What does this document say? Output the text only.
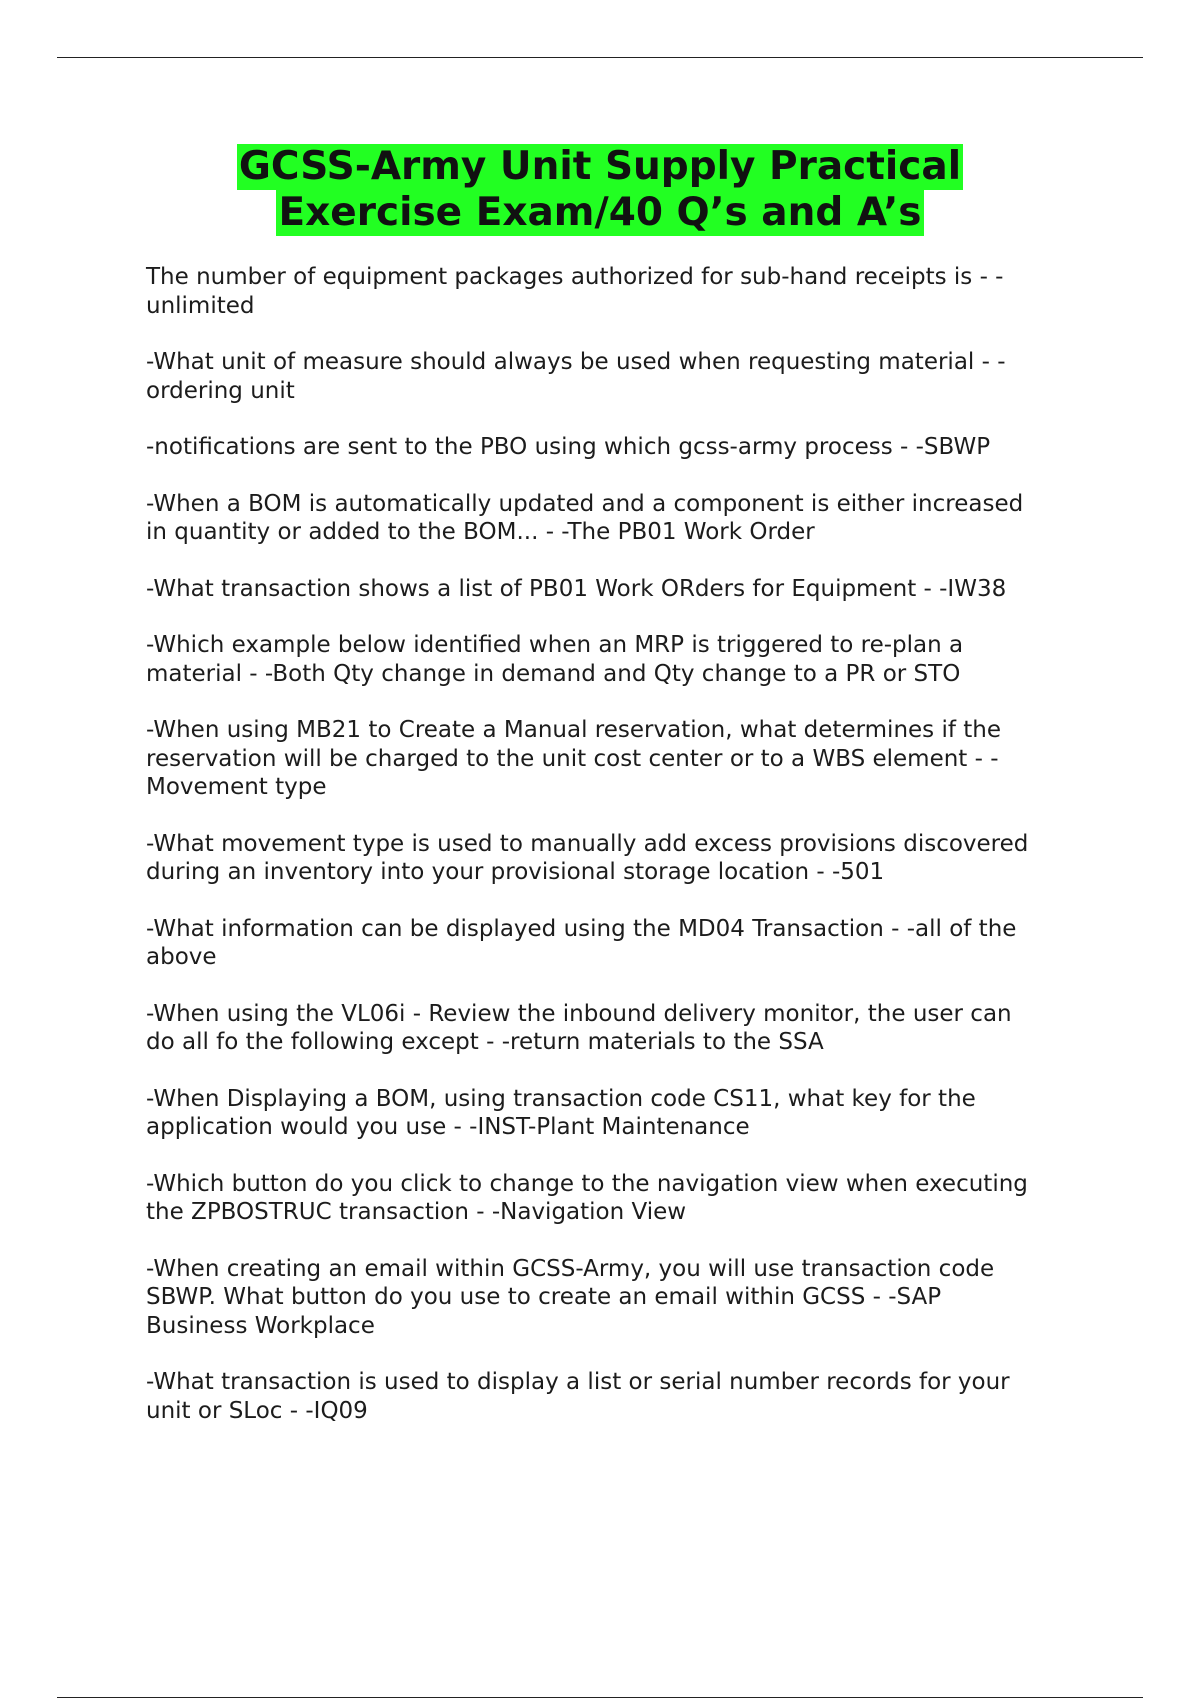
GCSS-Army Unit Supply Practical
Exercise Exam/40 Q’s and A’s

The number of equipment packages authorized for sub-hand receipts is - -
unlimited

-What unit of measure should always be used when requesting material - -
ordering unit

-notifications are sent to the PBO using which gcss-army process - -SBWP

-When a BOM is automatically updated and a component is either increased
in quantity or added to the BOM... - -The PB01 Work Order

-What transaction shows a list of PB01 Work ORders for Equipment - -IW38

-Which example below identified when an MRP is triggered to re-plan a
material - -Both Qty change in demand and Qty change to a PR or STO

-When using MB21 to Create a Manual reservation, what determines if the
reservation will be charged to the unit cost center or to a WBS element - -
Movement type

-What movement type is used to manually add excess provisions discovered
during an inventory into your provisional storage location - -501

-What information can be displayed using the MD04 Transaction - -all of the
above

-When using the VL06i - Review the inbound delivery monitor, the user can
do all fo the following except - -return materials to the SSA

-When Displaying a BOM, using transaction code CS11, what key for the
application would you use - -INST-Plant Maintenance

-Which button do you click to change to the navigation view when executing
the ZPBOSTRUC transaction - -Navigation View

-When creating an email within GCSS-Army, you will use transaction code
SBWP. What button do you use to create an email within GCSS - -SAP
Business Workplace

-What transaction is used to display a list or serial number records for your
unit or SLoc - -IQ09
